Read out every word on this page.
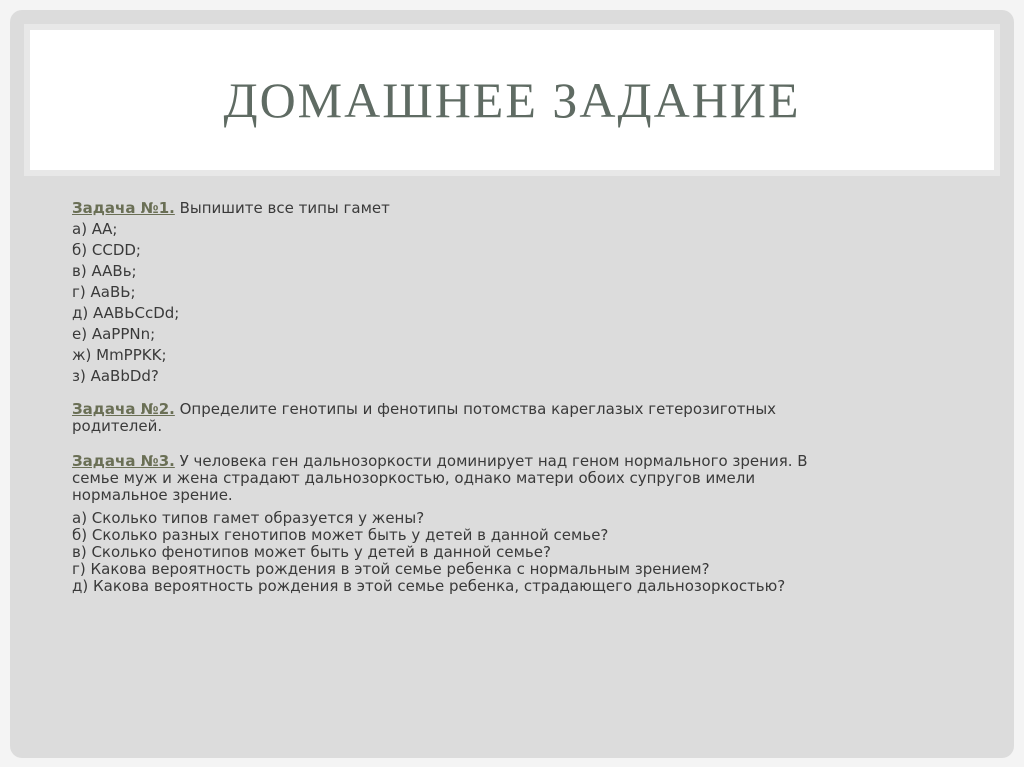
ДОМАШНЕЕ ЗАДАНИЕ

Задача №1. Выпишите все типы гамет

а) АА;

б) CCDD;

в) AABь;

г) AaBЬ;

д) AABЬCcDd;

е) AaPPNn;

ж) MmPPKK;

з) AaBbDd?

Задача №2. Определите генотипы и фенотипы потомства кареглазых гетерозиготных

родителей.

Задача №3. У человека ген дальнозоркости доминирует над геном нормального зрения. В

семье муж и жена страдают дальнозоркостью, однако матери обоих супругов имели

нормальное зрение.

а) Сколько типов гамет образуется у жены?

б) Сколько разных генотипов может быть у детей в данной семье?

в) Сколько фенотипов может быть у детей в данной семье?

г) Какова вероятность рождения в этой семье ребенка с нормальным зрением?

д) Какова вероятность рождения в этой семье ребенка, страдающего дальнозоркостью?
